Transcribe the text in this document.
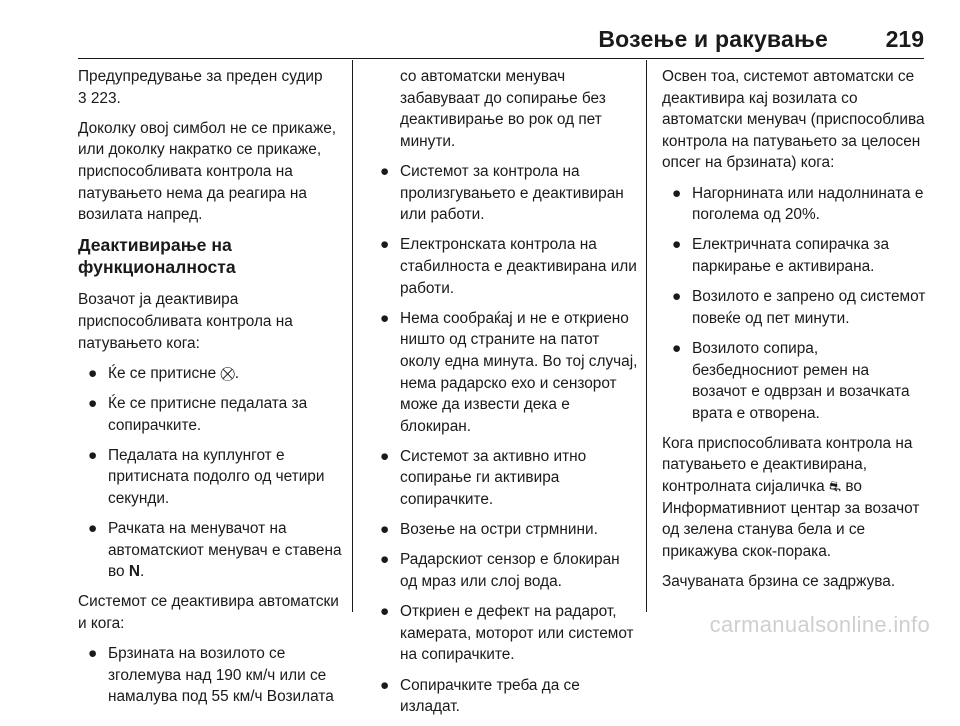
Возење и ракување	219

Предупредување за преден судир
3 223.

Доколку овој симбол не се прикаже, или доколку накратко се прикаже, приспособливата контрола на патувањето нема да реагира на возилата напред.

Деактивирање на функционалноста

Возачот ја деактивира приспособливата контрола на патувањето кога:

● Ќе се притисне ⛒.
● Ќе се притисне педалата за сопирачките.
● Педалата на куплунгот е притисната подолго од четири секунди.
● Рачката на менувачот на автоматскиот менувач е ставена во N.

Системот се деактивира автоматски и кога:

● Брзината на возилото се зголемува над 190 км/ч или се намалува под 55 км/ч Возилата

со автоматски менувач забавуваат до сопирање без деактивирање во рок од пет минути.

● Системот за контрола на пролизгувањето е деактивиран или работи.
● Електронската контрола на стабилноста е деактивирана или работи.
● Нема сообраќај и не е откриено ништо од страните на патот околу една минута. Во тој случај, нема радарско ехо и сензорот може да извести дека е блокиран.
● Системот за активно итно сопирање ги активира сопирачките.
● Возење на остри стрмнини.
● Радарскиот сензор е блокиран од мраз или слој вода.
● Откриен е дефект на радарот, камерата, моторот или системот на сопирачките.
● Сопирачките треба да се изладат.

Освен тоа, системот автоматски се деактивира кај возилата со автоматски менувач (приспособлива контрола на патувањето за целосен опсег на брзината) кога:

● Нагорнината или надолнината е поголема од 20%.
● Електричната сопирачка за паркирање е активирана.
● Возилото е запрено од системот повеќе од пет минути.
● Возилото сопира, безбедносниот ремен на возачот е одврзан и возачката врата е отворена.

Кога приспособливата контрола на патувањето е деактивирана, контролната сијаличка ⛐ во Информативниот центар за возачот од зелена станува бела и се прикажува скок-порака.

Зачуваната брзина се задржува.

carmanualsonline.info
